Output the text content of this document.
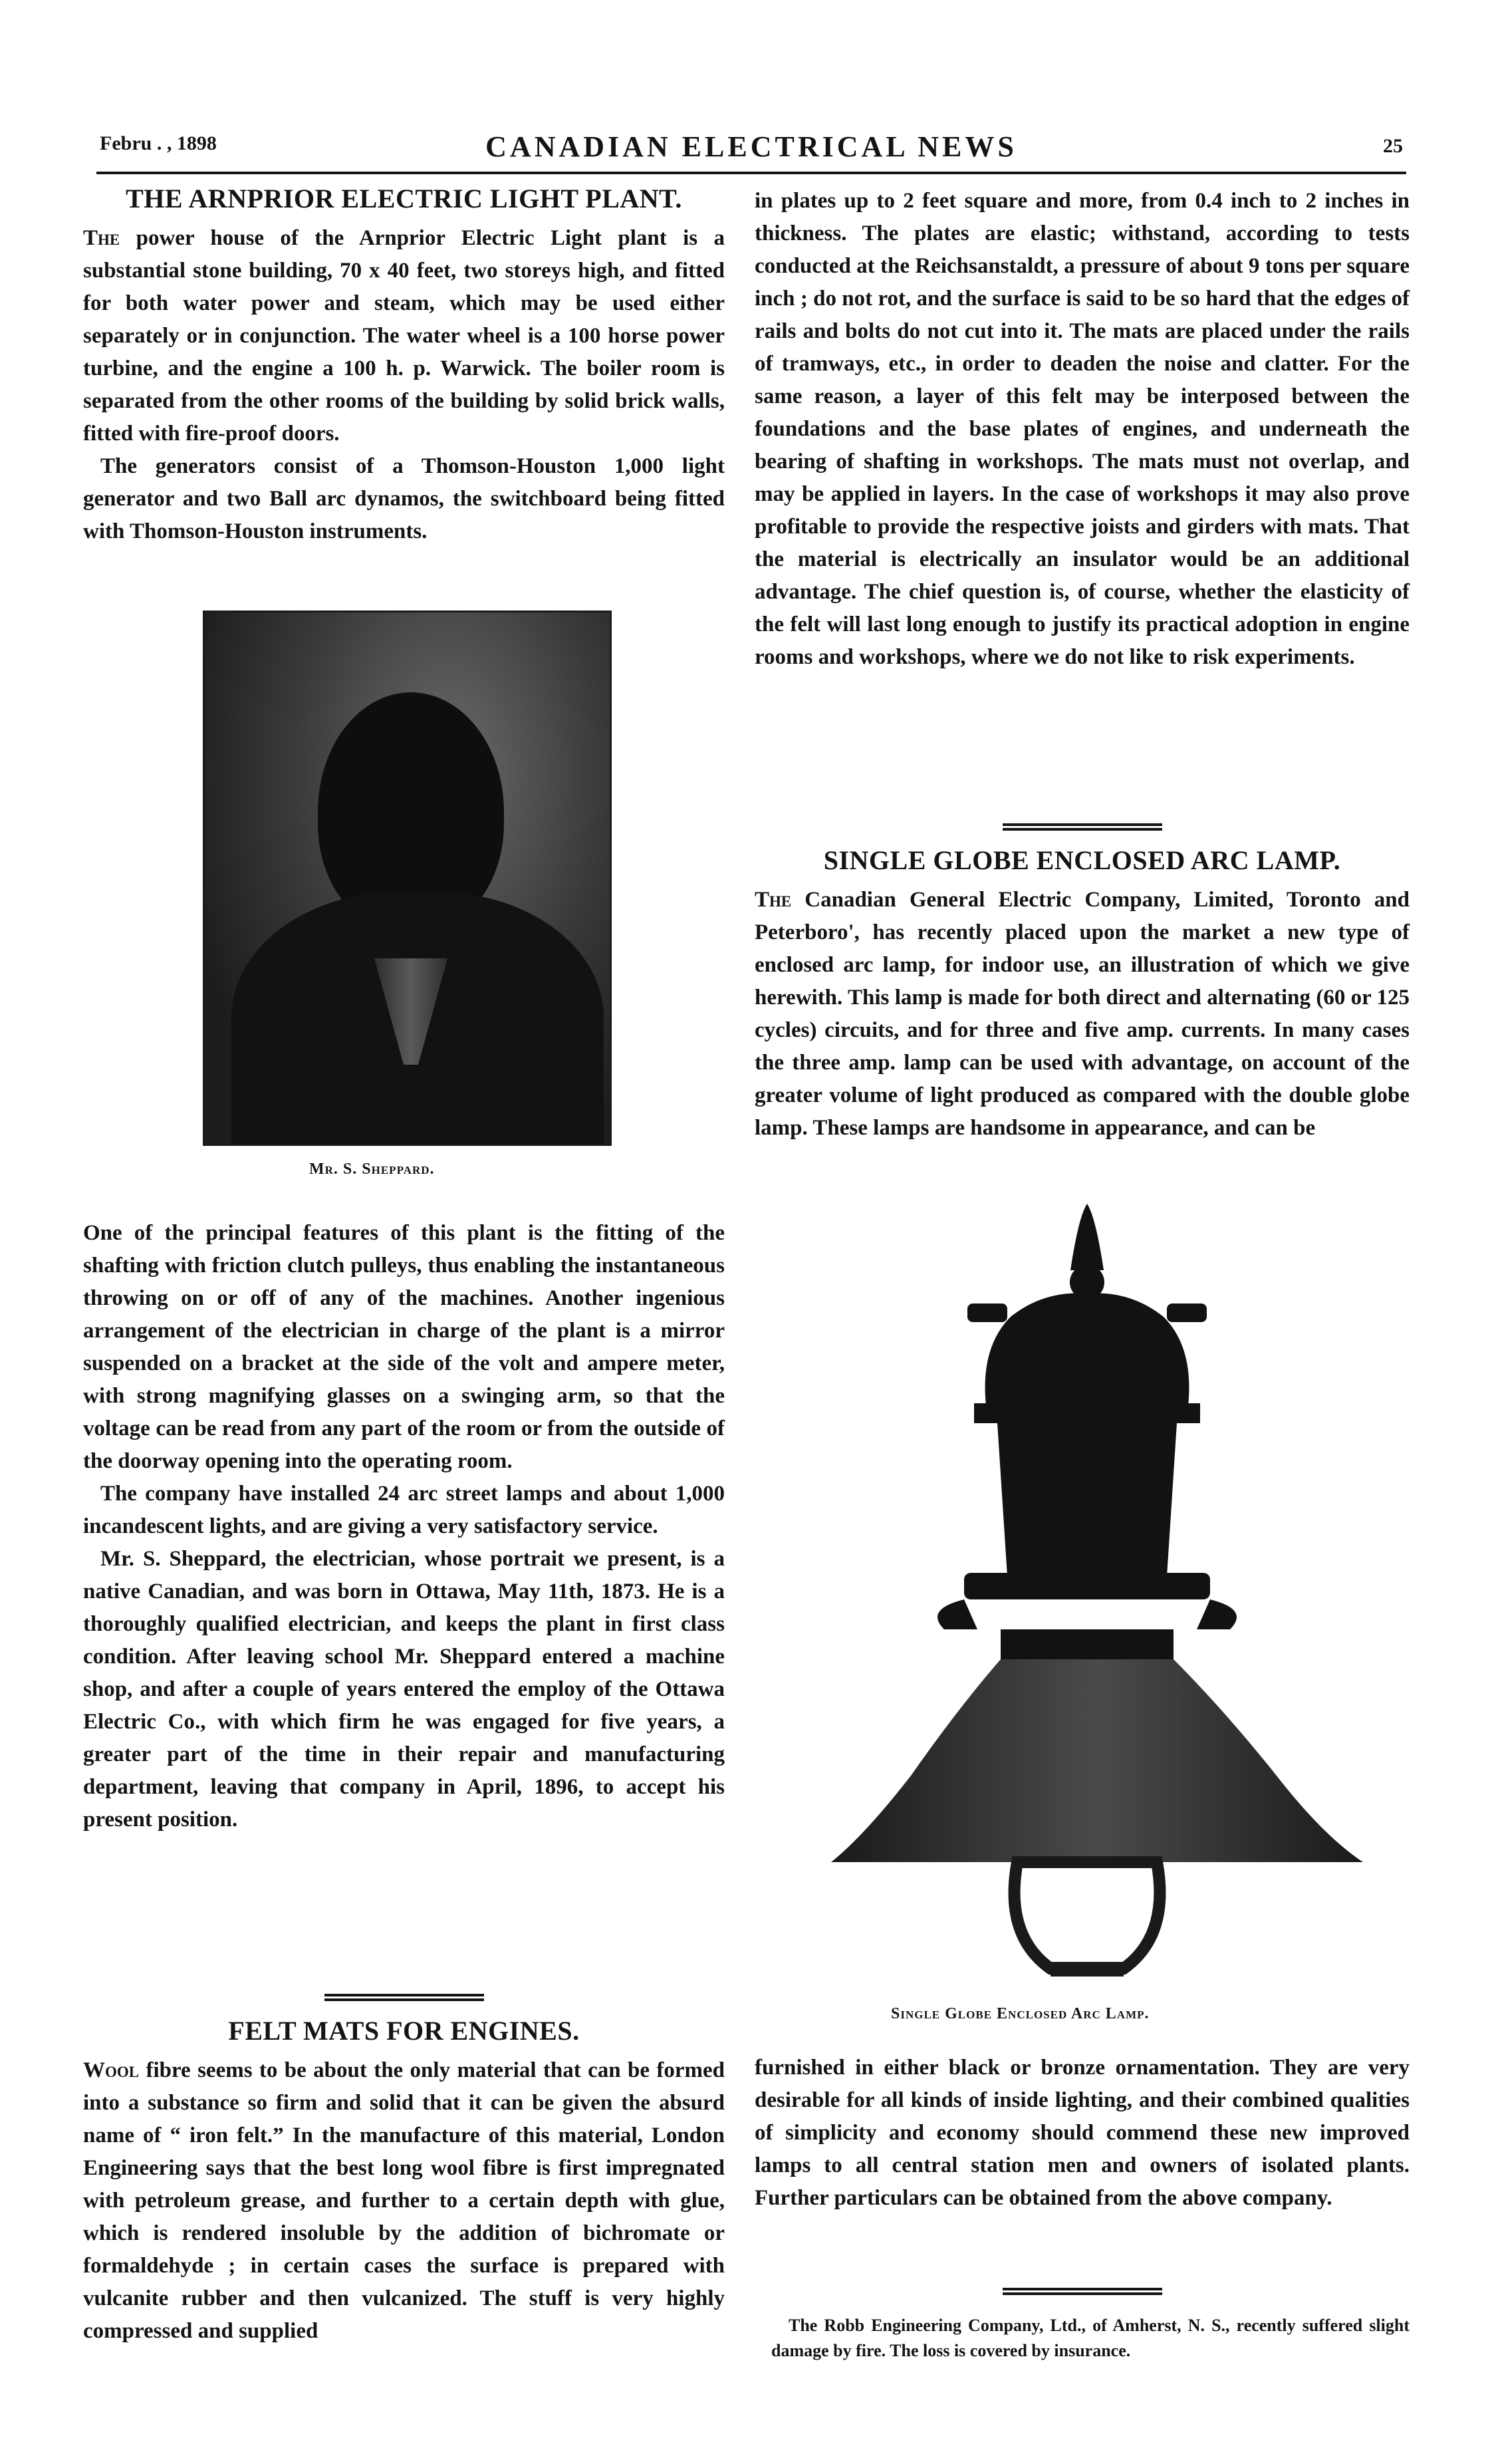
Febru . , 1898	CANADIAN ELECTRICAL NEWS	25
THE ARNPRIOR ELECTRIC LIGHT PLANT.

The power house of the Arnprior Electric Light plant is a substantial stone building, 70 x 40 feet, two storeys high, and fitted for both water power and steam, which may be used either separately or in conjunction. The water wheel is a 100 horse power turbine, and the engine a 100 h. p. Warwick. The boiler room is separated from the other rooms of the building by solid brick walls, fitted with fire-proof doors.

The generators consist of a Thomson-Houston 1,000 light generator and two Ball arc dynamos, the switchboard being fitted with Thomson-Houston instruments.

Mr. S. Sheppard.

One of the principal features of this plant is the fitting of the shafting with friction clutch pulleys, thus enabling the instantaneous throwing on or off of any of the machines. Another ingenious arrangement of the electrician in charge of the plant is a mirror suspended on a bracket at the side of the volt and ampere meter, with strong magnifying glasses on a swinging arm, so that the voltage can be read from any part of the room or from the outside of the doorway opening into the operating room.

The company have installed 24 arc street lamps and about 1,000 incandescent lights, and are giving a very satisfactory service.

Mr. S. Sheppard, the electrician, whose portrait we present, is a native Canadian, and was born in Ottawa, May 11th, 1873. He is a thoroughly qualified electrician, and keeps the plant in first class condition. After leaving school Mr. Sheppard entered a machine shop, and after a couple of years entered the employ of the Ottawa Electric Co., with which firm he was engaged for five years, a greater part of the time in their repair and manufacturing department, leaving that company in April, 1896, to accept his present position.

FELT MATS FOR ENGINES.

Wool fibre seems to be about the only material that can be formed into a substance so firm and solid that it can be given the absurd name of “ iron felt.” In the manufacture of this material, London Engineering says that the best long wool fibre is first impregnated with petroleum grease, and further to a certain depth with glue, which is rendered insoluble by the addition of bichromate or formaldehyde ; in certain cases the surface is prepared with vulcanite rubber and then vulcanized. The stuff is very highly compressed and supplied

in plates up to 2 feet square and more, from 0.4 inch to 2 inches in thickness. The plates are elastic; withstand, according to tests conducted at the Reichsanstaldt, a pressure of about 9 tons per square inch ; do not rot, and the surface is said to be so hard that the edges of rails and bolts do not cut into it. The mats are placed under the rails of tramways, etc., in order to deaden the noise and clatter. For the same reason, a layer of this felt may be interposed between the foundations and the base plates of engines, and underneath the bearing of shafting in workshops. The mats must not overlap, and may be applied in layers. In the case of workshops it may also prove profitable to provide the respective joists and girders with mats. That the material is electrically an insulator would be an additional advantage. The chief question is, of course, whether the elasticity of the felt will last long enough to justify its practical adoption in engine rooms and workshops, where we do not like to risk experiments.

SINGLE GLOBE ENCLOSED ARC LAMP.

The Canadian General Electric Company, Limited, Toronto and Peterboro', has recently placed upon the market a new type of enclosed arc lamp, for indoor use, an illustration of which we give herewith. This lamp is made for both direct and alternating (60 or 125 cycles) circuits, and for three and five amp. currents. In many cases the three amp. lamp can be used with advantage, on account of the greater volume of light produced as compared with the double globe lamp. These lamps are handsome in appearance, and can be

Single Globe Enclosed Arc Lamp.

furnished in either black or bronze ornamentation. They are very desirable for all kinds of inside lighting, and their combined qualities of simplicity and economy should commend these new improved lamps to all central station men and owners of isolated plants. Further particulars can be obtained from the above company.

The Robb Engineering Company, Ltd., of Amherst, N. S., recently suffered slight damage by fire. The loss is covered by insurance.
